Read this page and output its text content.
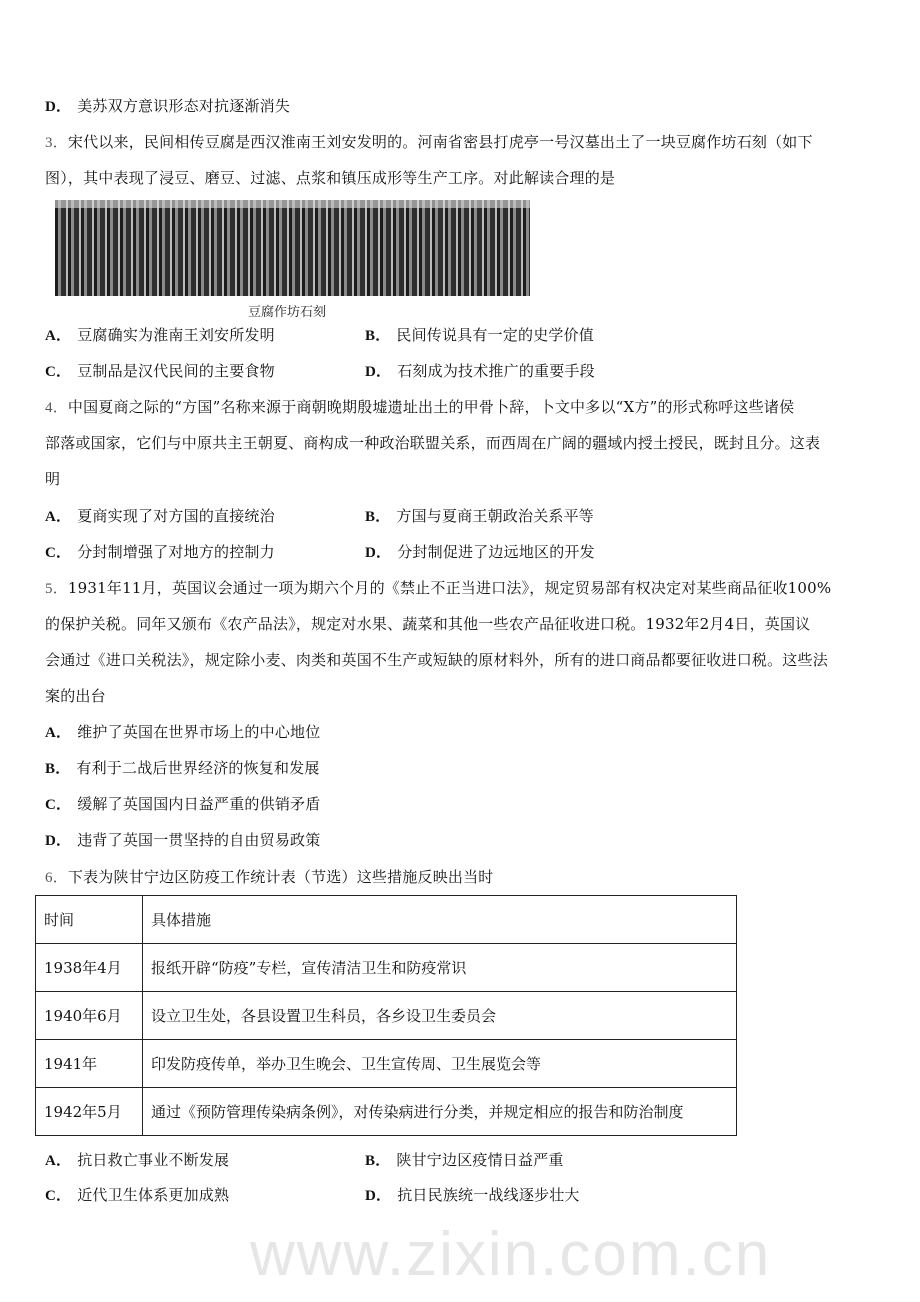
www.zixin.com.cn
D． 美苏双方意识形态对抗逐渐消失
3．宋代以来，民间相传豆腐是西汉淮南王刘安发明的。河南省密县打虎亭一号汉墓出土了一块豆腐作坊石刻（如下
图），其中表现了浸豆、磨豆、过滤、点浆和镇压成形等生产工序。对此解读合理的是
豆腐作坊石刻
A． 豆腐确实为淮南王刘安所发明	B． 民间传说具有一定的史学价值
C． 豆制品是汉代民间的主要食物	D． 石刻成为技术推广的重要手段
4．中国夏商之际的“方国”名称来源于商朝晚期殷墟遗址出土的甲骨卜辞，卜文中多以“X方”的形式称呼这些诸侯
部落或国家，它们与中原共主王朝夏、商构成一种政治联盟关系，而西周在广阔的疆域内授土授民，既封且分。这表
明
A． 夏商实现了对方国的直接统治	B． 方国与夏商王朝政治关系平等
C． 分封制增强了对地方的控制力	D． 分封制促进了边远地区的开发
5．1931年11月，英国议会通过一项为期六个月的《禁止不正当进口法》，规定贸易部有权决定对某些商品征收100%
的保护关税。同年又颁布《农产品法》，规定对水果、蔬菜和其他一些农产品征收进口税。1932年2月4日，英国议
会通过《进口关税法》，规定除小麦、肉类和英国不生产或短缺的原材料外，所有的进口商品都要征收进口税。这些法
案的出台
A． 维护了英国在世界市场上的中心地位
B． 有利于二战后世界经济的恢复和发展
C． 缓解了英国国内日益严重的供销矛盾
D． 违背了英国一贯坚持的自由贸易政策
6．下表为陕甘宁边区防疫工作统计表（节选）这些措施反映出当时
时间	具体措施
1938年4月	报纸开辟“防疫”专栏，宣传清洁卫生和防疫常识
1940年6月	设立卫生处，各县设置卫生科员，各乡设卫生委员会
1941年	印发防疫传单，举办卫生晚会、卫生宣传周、卫生展览会等
1942年5月	通过《预防管理传染病条例》，对传染病进行分类，并规定相应的报告和防治制度
A． 抗日救亡事业不断发展	B． 陕甘宁边区疫情日益严重
C． 近代卫生体系更加成熟	D． 抗日民族统一战线逐步壮大
